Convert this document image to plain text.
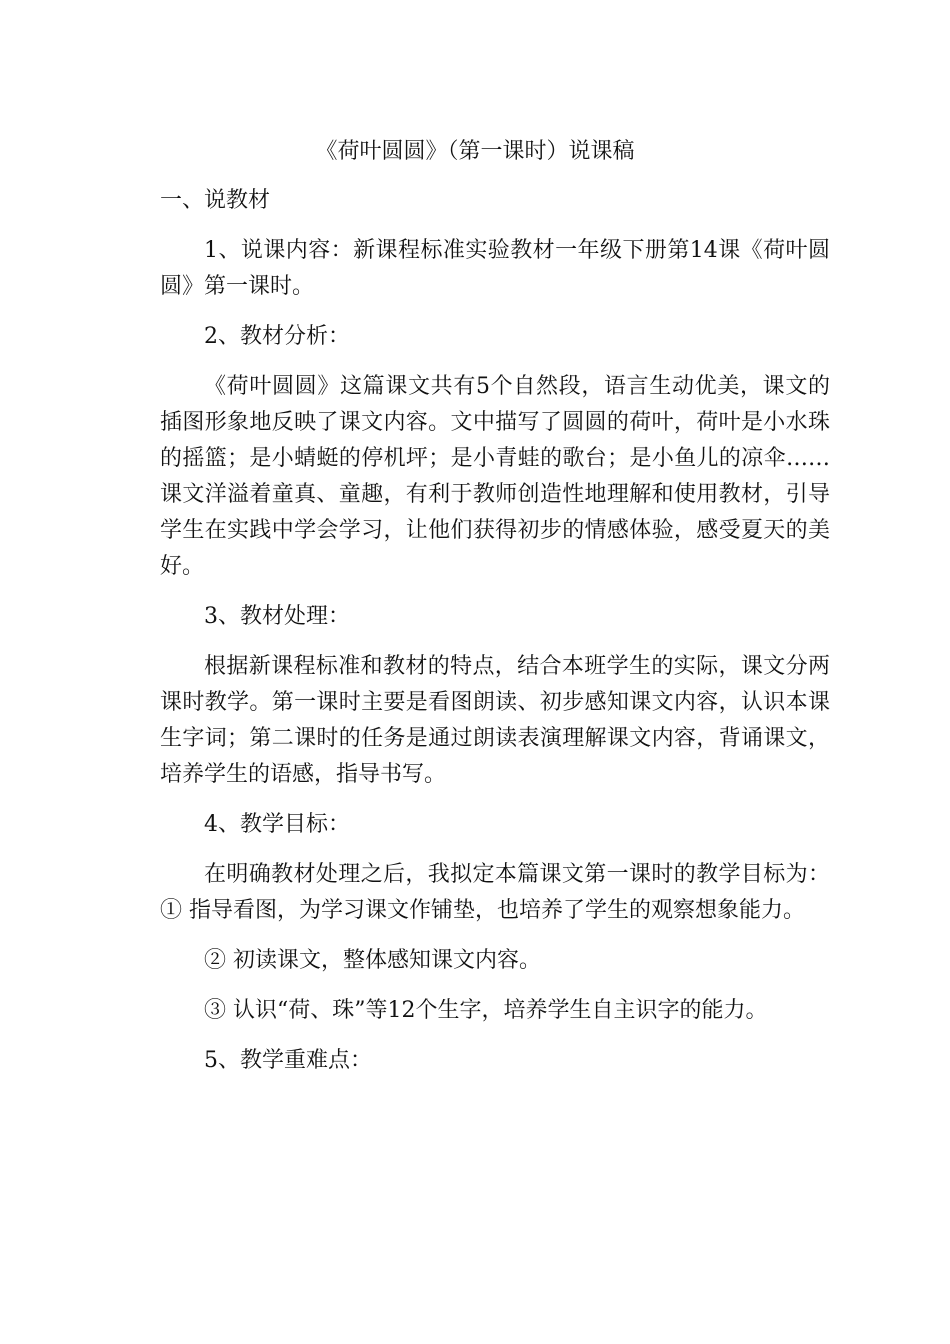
《荷叶圆圆》（第一课时）说课稿

一、说教材

1、说课内容：新课程标准实验教材一年级下册第14课《荷叶圆圆》第一课时。

2、教材分析：

《荷叶圆圆》这篇课文共有5个自然段，语言生动优美，课文的插图形象地反映了课文内容。文中描写了圆圆的荷叶，荷叶是小水珠的摇篮；是小蜻蜓的停机坪；是小青蛙的歌台；是小鱼儿的凉伞……课文洋溢着童真、童趣，有利于教师创造性地理解和使用教材，引导学生在实践中学会学习，让他们获得初步的情感体验，感受夏天的美好。

3、教材处理：

根据新课程标准和教材的特点，结合本班学生的实际，课文分两课时教学。第一课时主要是看图朗读、初步感知课文内容，认识本课生字词；第二课时的任务是通过朗读表演理解课文内容，背诵课文，培养学生的语感，指导书写。

4、教学目标：

在明确教材处理之后，我拟定本篇课文第一课时的教学目标为：① 指导看图，为学习课文作铺垫，也培养了学生的观察想象能力。

② 初读课文，整体感知课文内容。

③ 认识“荷、珠”等12个生字，培养学生自主识字的能力。

5、教学重难点：
